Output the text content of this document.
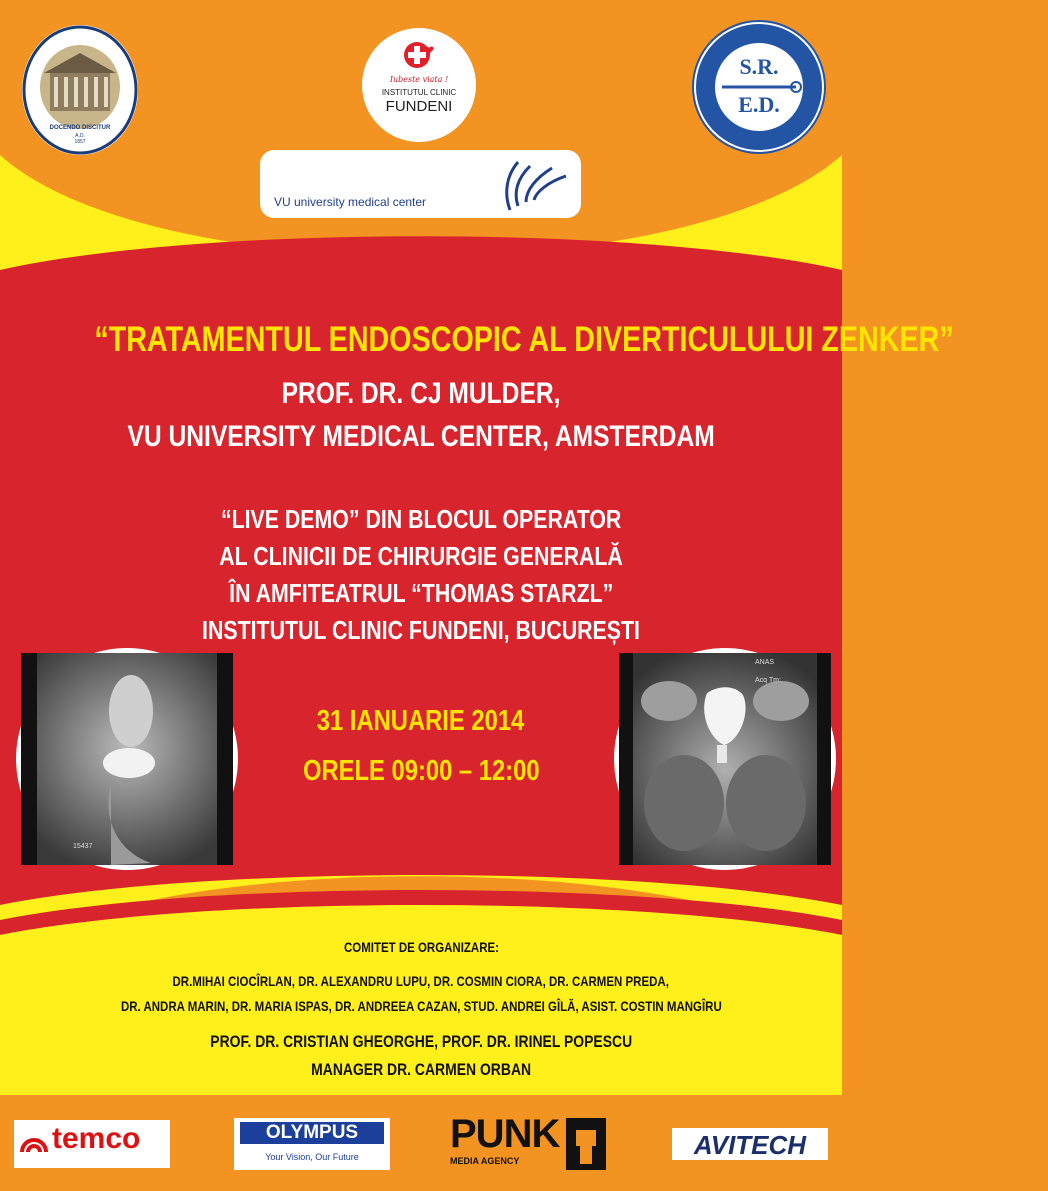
DOCENDO DISCITUR
A.D.
1857
Iubeste viata !
INSTITUTUL CLINIC
FUNDENI
S.R.
E.D.
VU university medical center
“TRATAMENTUL ENDOSCOPIC AL DIVERTICULULUI ZENKER”
PROF. DR. CJ MULDER,
VU UNIVERSITY MEDICAL CENTER, AMSTERDAM
“LIVE DEMO” DIN BLOCUL OPERATOR
AL CLINICII DE CHIRURGIE GENERALĂ
ÎN AMFITEATRUL “THOMAS STARZL”
INSTITUTUL CLINIC FUNDENI, BUCUREȘTI
15437
ANAS
Acq Tm:
31 IANUARIE 2014
ORELE 09:00 – 12:00
COMITET DE ORGANIZARE:
DR.MIHAI CIOCÎRLAN, DR. ALEXANDRU LUPU, DR. COSMIN CIORA, DR. CARMEN PREDA,
DR. ANDRA MARIN, DR. MARIA ISPAS, DR. ANDREEA CAZAN, STUD. ANDREI GÎLĂ, ASIST. COSTIN MANGÎRU
PROF. DR. CRISTIAN GHEORGHE, PROF. DR. IRINEL POPESCU
MANAGER DR. CARMEN ORBAN
temco	OLYMPUS
Your Vision, Our Future
PUNK
MEDIA AGENCY
AVITECH
